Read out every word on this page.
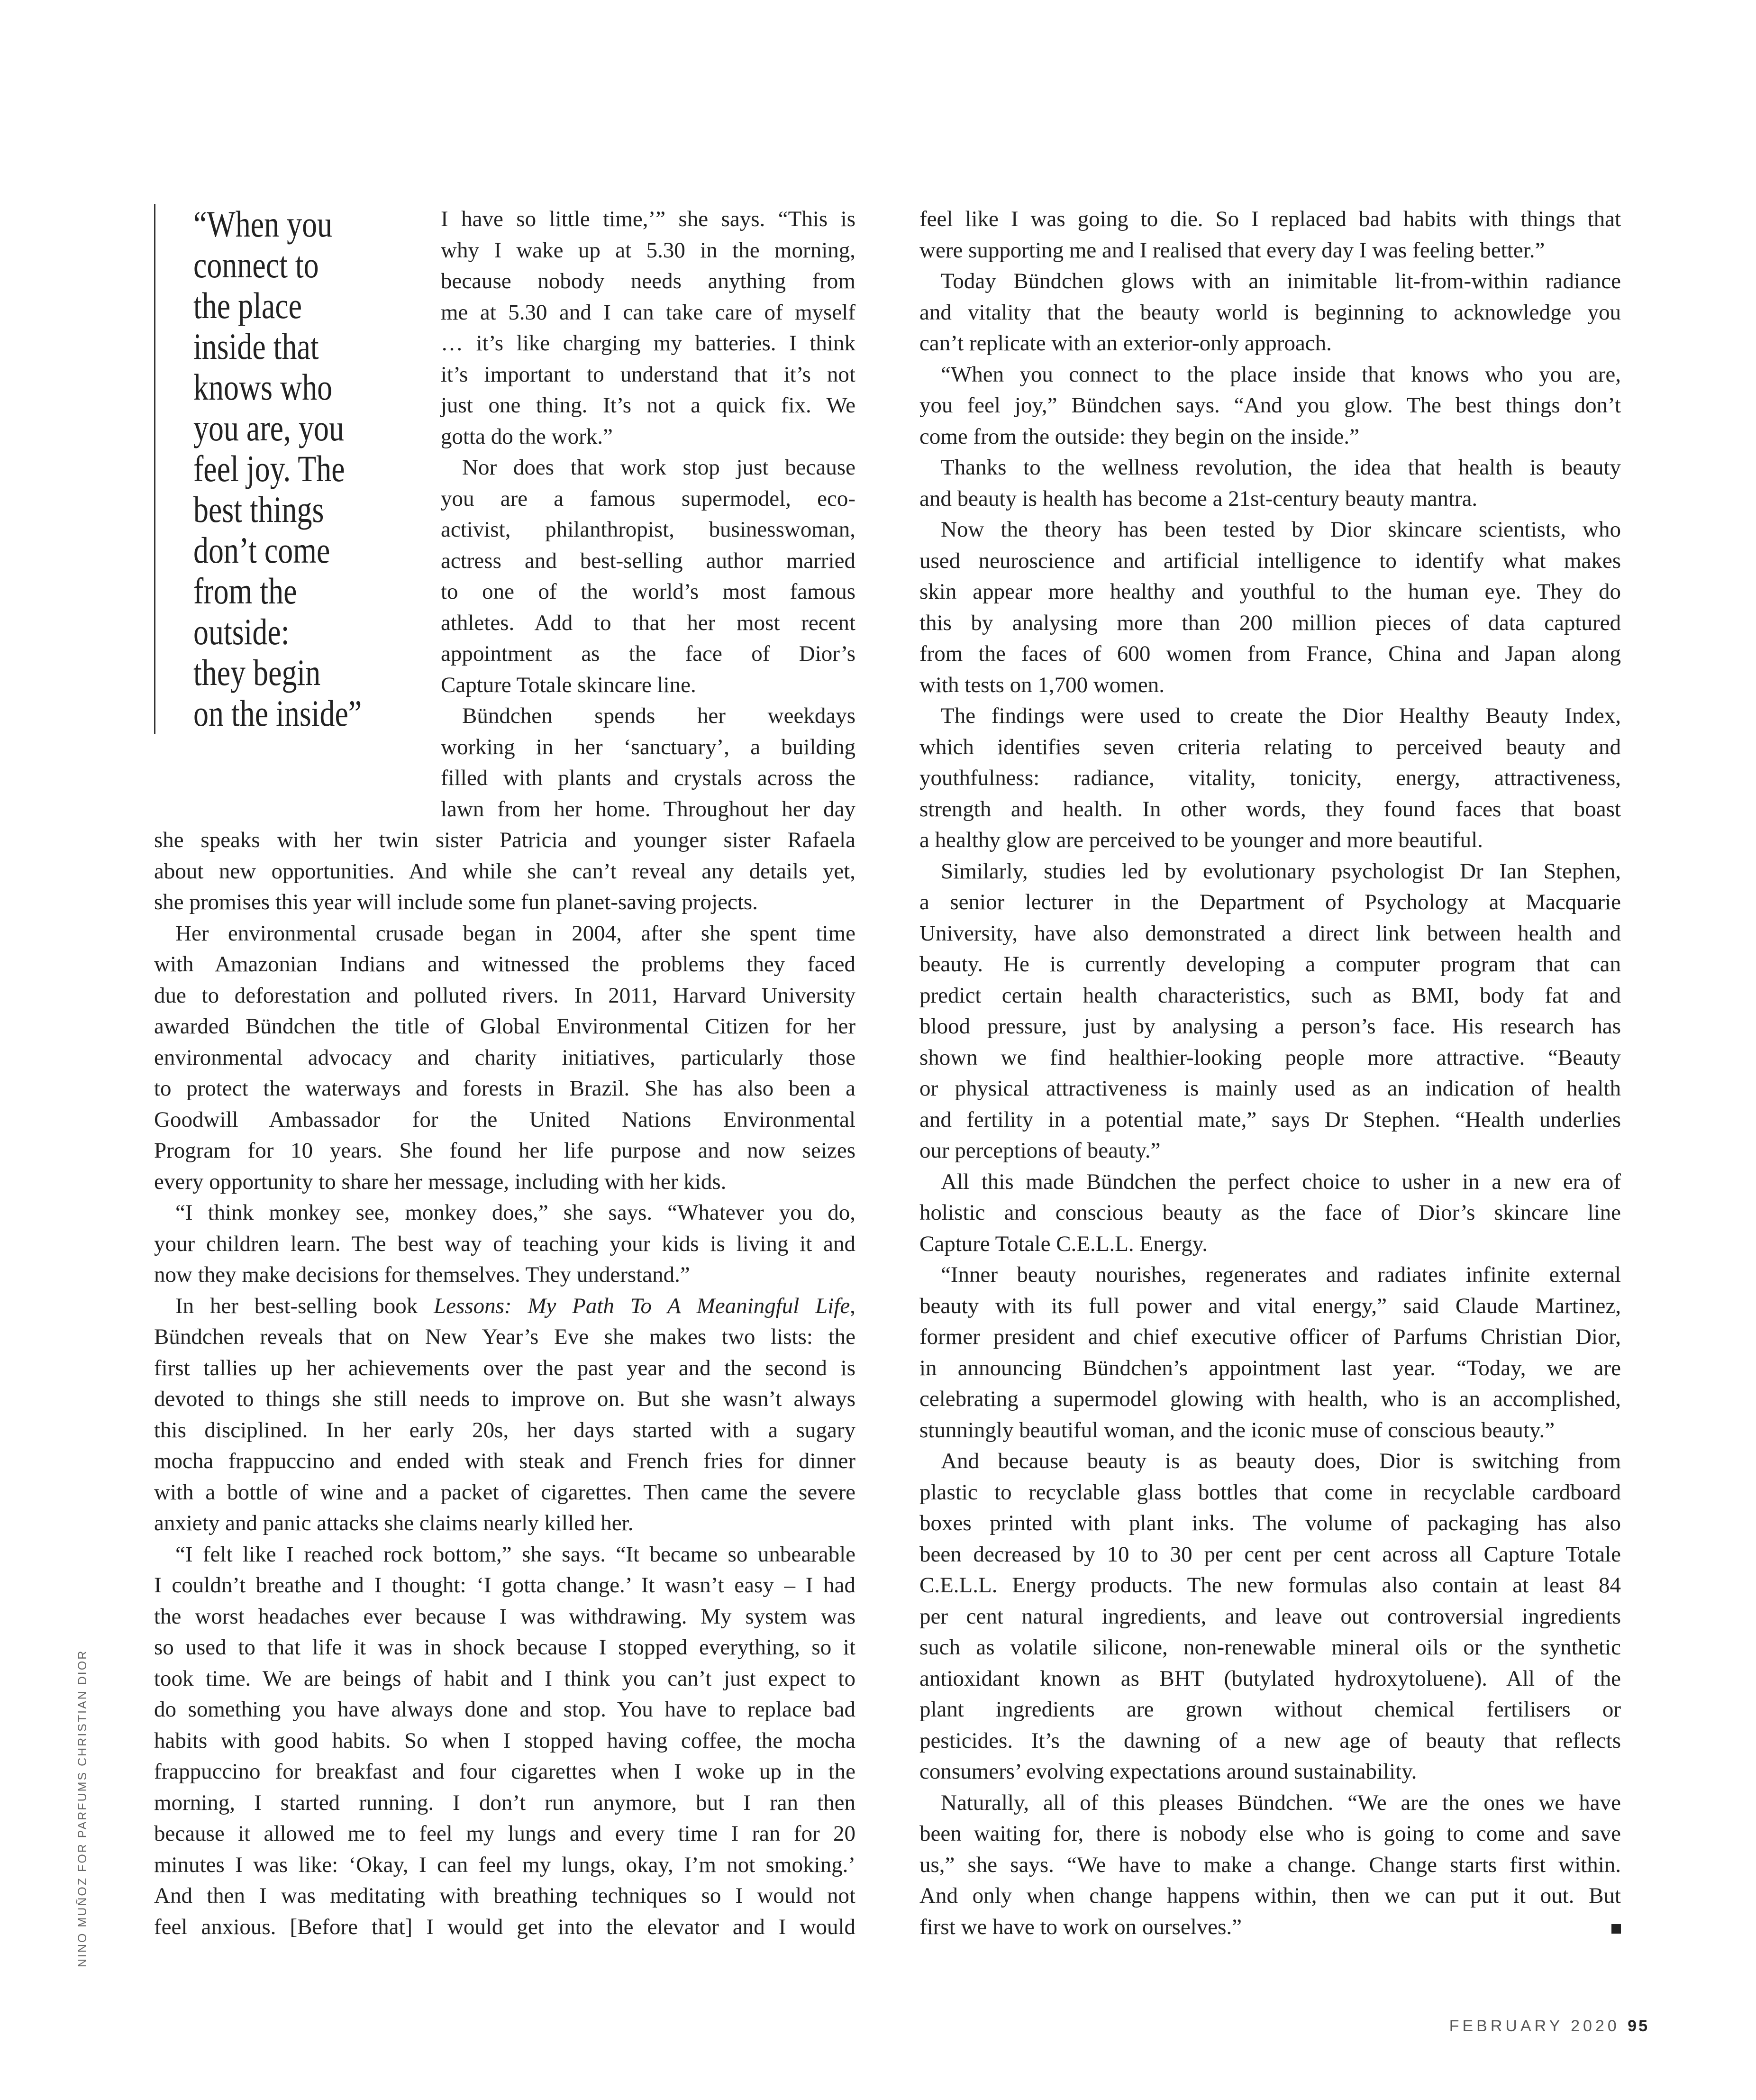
“When you
connect to
the place
inside that
knows who
you are, you
feel joy. The
best things
don’t come
from the
outside:
they begin
on the inside”
I have so little time,’” she says. “This is
why I wake up at 5.30 in the morning,
because nobody needs anything from
me at 5.30 and I can take care of myself
… it’s like charging my batteries. I think
it’s important to understand that it’s not
just one thing. It’s not a quick fix. We
gotta do the work.”
Nor does that work stop just because
you are a famous supermodel, eco-
activist, philanthropist, businesswoman,
actress and best-selling author married
to one of the world’s most famous
athletes. Add to that her most recent
appointment as the face of Dior’s
Capture Totale skincare line.
Bündchen spends her weekdays
working in her ‘sanctuary’, a building
filled with plants and crystals across the
lawn from her home. Throughout her day
she speaks with her twin sister Patricia and younger sister Rafaela
about new opportunities. And while she can’t reveal any details yet,
she promises this year will include some fun planet-saving projects.
Her environmental crusade began in 2004, after she spent time
with Amazonian Indians and witnessed the problems they faced
due to deforestation and polluted rivers. In 2011, Harvard University
awarded Bündchen the title of Global Environmental Citizen for her
environmental advocacy and charity initiatives, particularly those
to protect the waterways and forests in Brazil. She has also been a
Goodwill Ambassador for the United Nations Environmental
Program for 10 years. She found her life purpose and now seizes
every opportunity to share her message, including with her kids.
“I think monkey see, monkey does,” she says. “Whatever you do,
your children learn. The best way of teaching your kids is living it and
now they make decisions for themselves. They understand.”
In her best-selling book Lessons: My Path To A Meaningful Life,
Bündchen reveals that on New Year’s Eve she makes two lists: the
first tallies up her achievements over the past year and the second is
devoted to things she still needs to improve on. But she wasn’t always
this disciplined. In her early 20s, her days started with a sugary
mocha frappuccino and ended with steak and French fries for dinner
with a bottle of wine and a packet of cigarettes. Then came the severe
anxiety and panic attacks she claims nearly killed her.
“I felt like I reached rock bottom,” she says. “It became so unbearable
I couldn’t breathe and I thought: ‘I gotta change.’ It wasn’t easy – I had
the worst headaches ever because I was withdrawing. My system was
so used to that life it was in shock because I stopped everything, so it
took time. We are beings of habit and I think you can’t just expect to
do something you have always done and stop. You have to replace bad
habits with good habits. So when I stopped having coffee, the mocha
frappuccino for breakfast and four cigarettes when I woke up in the
morning, I started running. I don’t run anymore, but I ran then
because it allowed me to feel my lungs and every time I ran for 20
minutes I was like: ‘Okay, I can feel my lungs, okay, I’m not smoking.’
And then I was meditating with breathing techniques so I would not
feel anxious. [Before that] I would get into the elevator and I would
feel like I was going to die. So I replaced bad habits with things that
were supporting me and I realised that every day I was feeling better.”
Today Bündchen glows with an inimitable lit-from-within radiance
and vitality that the beauty world is beginning to acknowledge you
can’t replicate with an exterior-only approach.
“When you connect to the place inside that knows who you are,
you feel joy,” Bündchen says. “And you glow. The best things don’t
come from the outside: they begin on the inside.”
Thanks to the wellness revolution, the idea that health is beauty
and beauty is health has become a 21st-century beauty mantra.
Now the theory has been tested by Dior skincare scientists, who
used neuroscience and artificial intelligence to identify what makes
skin appear more healthy and youthful to the human eye. They do
this by analysing more than 200 million pieces of data captured
from the faces of 600 women from France, China and Japan along
with tests on 1,700 women.
The findings were used to create the Dior Healthy Beauty Index,
which identifies seven criteria relating to perceived beauty and
youthfulness: radiance, vitality, tonicity, energy, attractiveness,
strength and health. In other words, they found faces that boast
a healthy glow are perceived to be younger and more beautiful.
Similarly, studies led by evolutionary psychologist Dr Ian Stephen,
a senior lecturer in the Department of Psychology at Macquarie
University, have also demonstrated a direct link between health and
beauty. He is currently developing a computer program that can
predict certain health characteristics, such as BMI, body fat and
blood pressure, just by analysing a person’s face. His research has
shown we find healthier-looking people more attractive. “Beauty
or physical attractiveness is mainly used as an indication of health
and fertility in a potential mate,” says Dr Stephen. “Health underlies
our perceptions of beauty.”
All this made Bündchen the perfect choice to usher in a new era of
holistic and conscious beauty as the face of Dior’s skincare line
Capture Totale C.E.L.L. Energy.
“Inner beauty nourishes, regenerates and radiates infinite external
beauty with its full power and vital energy,” said Claude Martinez,
former president and chief executive officer of Parfums Christian Dior,
in announcing Bündchen’s appointment last year. “Today, we are
celebrating a supermodel glowing with health, who is an accomplished,
stunningly beautiful woman, and the iconic muse of conscious beauty.”
And because beauty is as beauty does, Dior is switching from
plastic to recyclable glass bottles that come in recyclable cardboard
boxes printed with plant inks. The volume of packaging has also
been decreased by 10 to 30 per cent per cent across all Capture Totale
C.E.L.L. Energy products. The new formulas also contain at least 84
per cent natural ingredients, and leave out controversial ingredients
such as volatile silicone, non-renewable mineral oils or the synthetic
antioxidant known as BHT (butylated hydroxytoluene). All of the
plant ingredients are grown without chemical fertilisers or
pesticides. It’s the dawning of a new age of beauty that reflects
consumers’ evolving expectations around sustainability.
Naturally, all of this pleases Bündchen. “We are the ones we have
been waiting for, there is nobody else who is going to come and save
us,” she says. “We have to make a change. Change starts first within.
And only when change happens within, then we can put it out. But
first we have to work on ourselves.”
NINO MUÑOZ FOR PARFUMS CHRISTIAN DIOR
FEBRUARY 2020 95
